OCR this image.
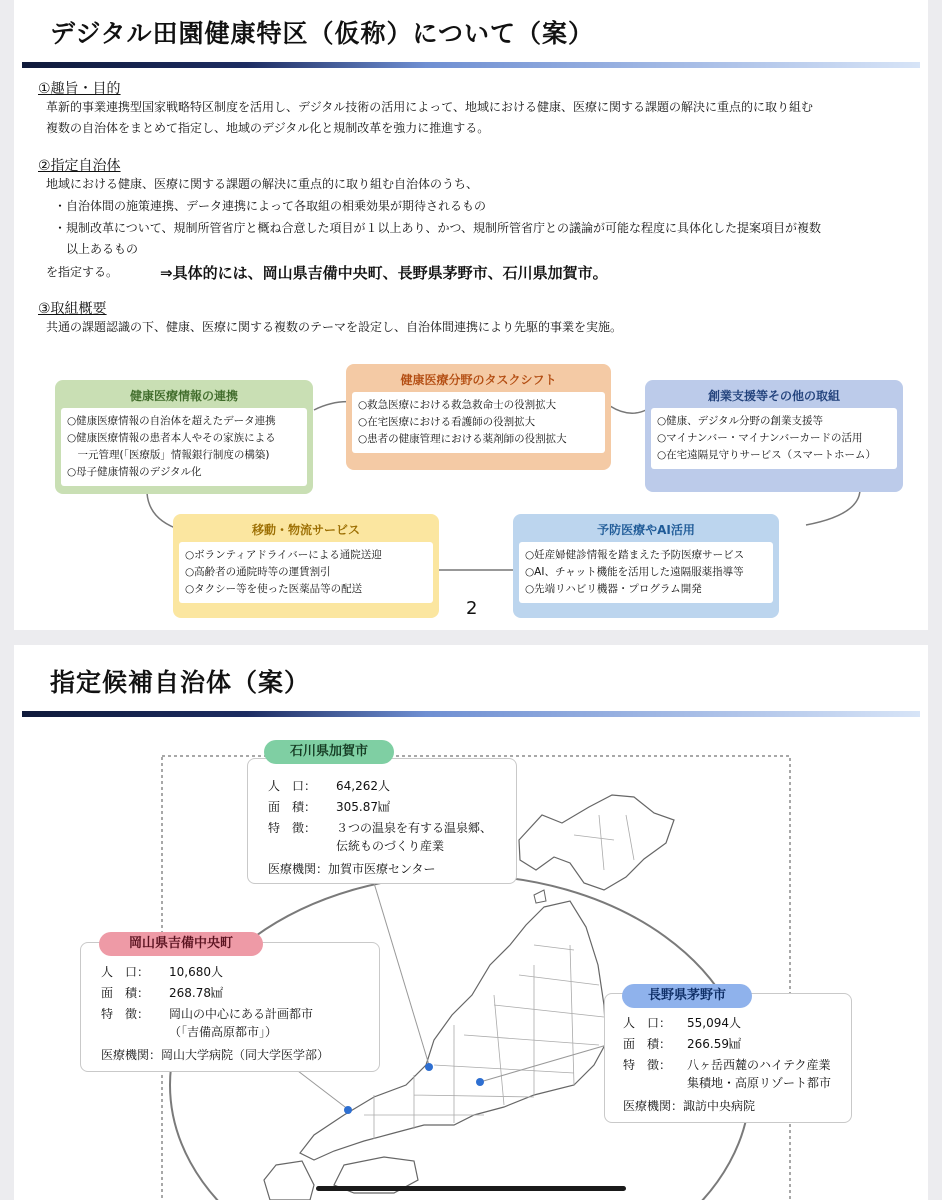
デジタル田園健康特区（仮称）について（案）
①趣旨・目的
革新的事業連携型国家戦略特区制度を活用し、デジタル技術の活用によって、地域における健康、医療に関する課題の解決に重点的に取り組む
複数の自治体をまとめて指定し、地域のデジタル化と規制改革を強力に推進する。
②指定自治体
地域における健康、医療に関する課題の解決に重点的に取り組む自治体のうち、
・自治体間の施策連携、データ連携によって各取組の相乗効果が期待されるもの
・規制改革について、規制所管省庁と概ね合意した項目が１以上あり、かつ、規制所管省庁との議論が可能な程度に具体化した提案項目が複数
以上あるもの
を指定する。	⇒具体的には、岡山県吉備中央町、長野県茅野市、石川県加賀市。
③取組概要
共通の課題認識の下、健康、医療に関する複数のテーマを設定し、自治体間連携により先駆的事業を実施。
健康医療情報の連携
○健康医療情報の自治体を超えたデータ連携
○健康医療情報の患者本人やその家族による
　一元管理(「医療版」情報銀行制度の構築)
○母子健康情報のデジタル化
健康医療分野のタスクシフト
○救急医療における救急救命士の役割拡大
○在宅医療における看護師の役割拡大
○患者の健康管理における薬剤師の役割拡大
創業支援等その他の取組
○健康、デジタル分野の創業支援等
○マイナンバー・マイナンバーカードの活用
○在宅遠隔見守りサービス（スマートホーム）
移動・物流サービス
○ボランティアドライバーによる通院送迎
○高齢者の通院時等の運賃割引
○タクシー等を使った医薬品等の配送
予防医療やAI活用
○妊産婦健診情報を踏まえた予防医療サービス
○AI、チャット機能を活用した遠隔服薬指導等
○先端リハビリ機器・プログラム開発
2
指定候補自治体（案）
人　口：	64,262人
面　積：	305.87㎢
特　徴：	３つの温泉を有する温泉郷、
伝統ものづくり産業
医療機関： 加賀市医療センター
石川県加賀市
人　口：	10,680人
面　積：	268.78㎢
特　徴：	岡山の中心にある計画都市
（「吉備高原都市」）
医療機関： 岡山大学病院（同大学医学部）
岡山県吉備中央町
人　口：	55,094人
面　積：	266.59㎢
特　徴：	八ヶ岳西麓のハイテク産業
集積地・高原リゾート都市
医療機関： 諏訪中央病院
長野県茅野市
